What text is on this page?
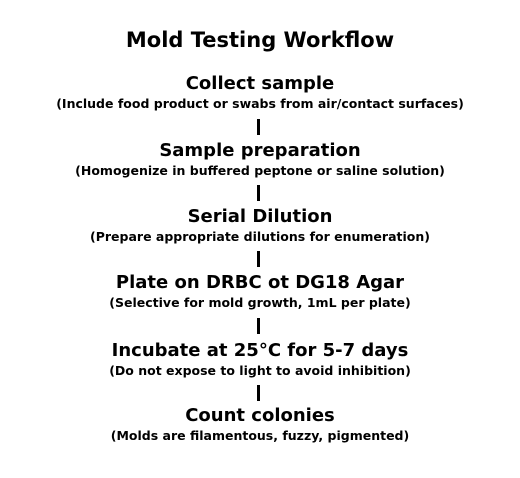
Mold Testing Workflow
Collect sample
(Include food product or swabs from air/contact surfaces)
Sample preparation
(Homogenize in buffered peptone or saline solution)
Serial Dilution
(Prepare appropriate dilutions for enumeration)
Plate on DRBC ot DG18 Agar
(Selective for mold growth, 1mL per plate)
Incubate at 25°C for 5-7 days
(Do not expose to light to avoid inhibition)
Count colonies
(Molds are filamentous, fuzzy, pigmented)
